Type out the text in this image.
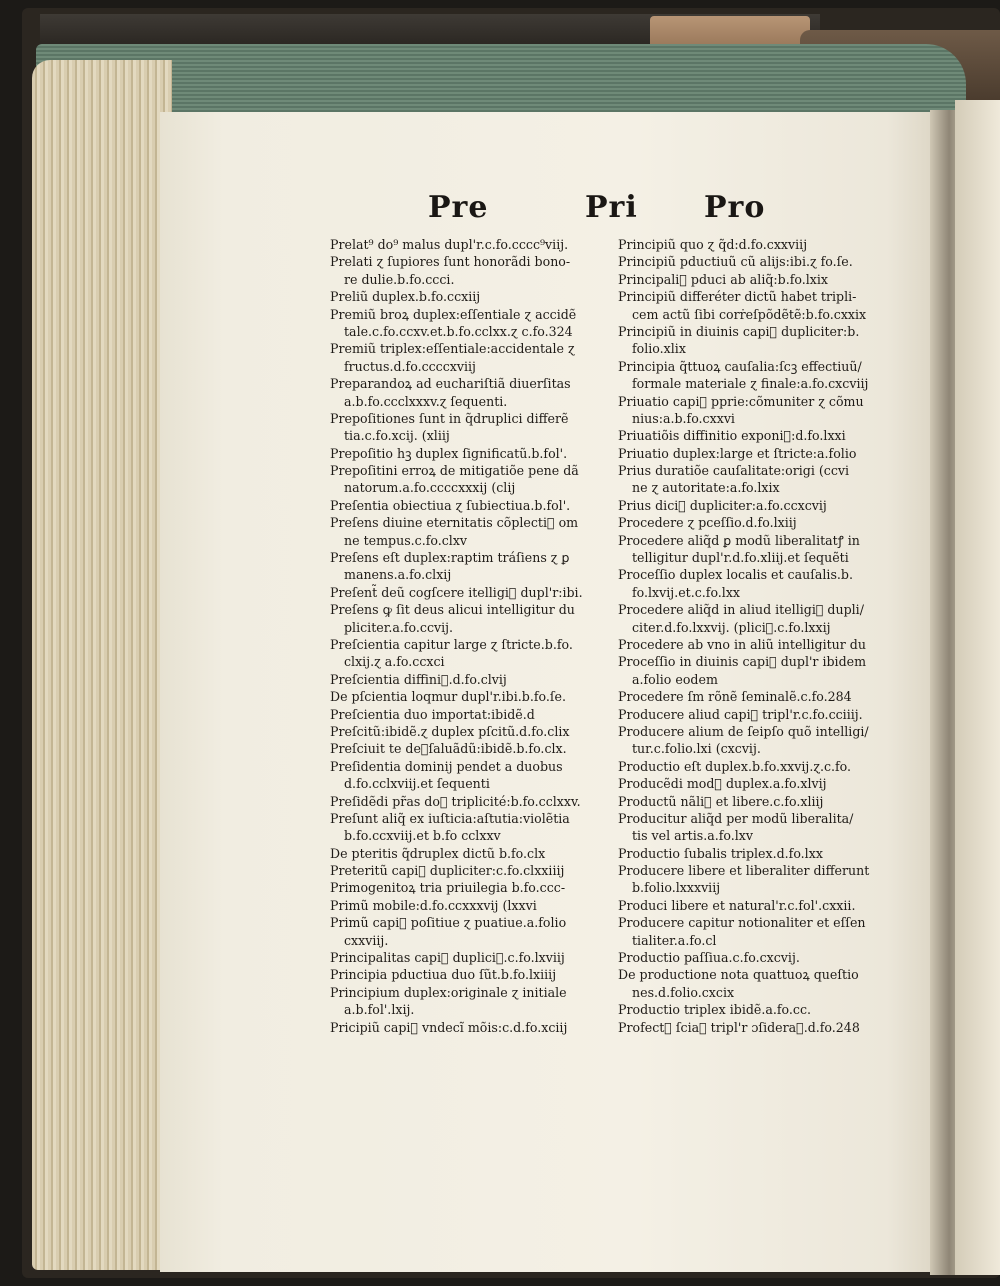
Pre	Pri Pro
Prelat⁹ do⁹ malus dupl'r.c.fo.cccc⁹viij.
Prelati ɀ ſupiores ſunt honorãdi bono-
re dulie.b.fo.ccci.
Preliũ duplex.b.fo.ccxiij
Premiũ broꝝ duplex:eſſentiale ɀ accidẽ
tale.c.fo.ccxv.et.b.fo.cclxx.ɀ c.fo.324
Premiũ triplex:eſſentiale:accidentale ɀ
fructus.d.fo.ccccxviij
Preparandoꝝ ad euchariſtiã diuerſitas
a.b.fo.ccclxxxv.ɀ ſequenti.
Prepoſitiones ſunt in q̃druplici differẽ
tia.c.fo.xcij. (xliij
Prepoſitio hꝫ duplex ſignificatũ.b.fol'.
Prepoſitini erroꝝ de mitigatiõe pene dã
natorum.a.fo.ccccxxxij (clij
Preſentia obiectiua ɀ ſubiectiua.b.fol'.
Preſens diuine eternitatis cõplectiᷓ om
ne tempus.c.fo.clxv
Preſens eſt duplex:raptim tráſiens ɀ ꝑ
manens.a.fo.clxij
Preſent̃ deũ cogſcere itelligiᷓ dupl'r:ibi.
Preſens ꝙ ſit deus alicui intelligitur du
pliciter.a.fo.ccvij.
Preſcientia capitur large ɀ ſtricte.b.fo.
clxij.ɀ a.fo.ccxci
Preſcientia diffiniᷓ.d.fo.clvij
De pſcientia loqmur dupl'r.ibi.b.fo.ſe.
Preſcientia duo importat:ibidẽ.d
Preſcitũ:ibidẽ.ɀ duplex pſcitũ.d.fo.clix
Preſciuit te deᷓſaluãdũ:ibidẽ.b.fo.clx.
Preſidentia dominij pendet a duobus
d.fo.cclxviij.et ſequenti
Preſidẽdi pr̃as doᷓ triplicité:b.fo.cclxxv.
Preſunt aliq̃ ex iuſticia:aſtutia:violẽtia
b.fo.ccxviij.et b.fo cclxxv
De pteritis q̃druplex dictũ b.fo.clx
Preteritũ capiᷓ dupliciter:c.fo.clxxiiij
Primogenitoꝝ tria priuilegia b.fo.ccc-
Primũ mobile:d.fo.ccxxxvij (lxxvi
Primũ capiᷓ poſitiue ɀ puatiue.a.folio
cxxviij.
Principalitas capiᷓ dupliciᷓ.c.fo.lxviij
Principia pductiua duo ſũt.b.fo.lxiiij
Principium duplex:originale ɀ initiale
a.b.fol'.lxij.
Pricipiũ capiᷓ vndecĩ mõis:c.d.fo.xciij
Principiũ quo ɀ q̃d:d.fo.cxxviij
Principiũ pductiuũ cũ alijs:ibi.ɀ fo.ſe.
Principaliᷓ pduci ab aliq̃:b.fo.lxix
Principiũ differéter dictũ habet tripli-
cem actũ ſibi corṙeſpõdẽtẽ:b.fo.cxxix
Principiũ in diuinis capiᷓ dupliciter:b.
folio.xlix
Principia q̃ttuoꝝ cauſalia:ſcꝫ effectiuũ/
formale materiale ɀ finale:a.fo.cxcviij
Priuatio capiᷓ pprie:cõmuniter ɀ cõmu
nius:a.b.fo.cxxvi
Priuatiõis diffinitio exponiᷓ:d.fo.lxxi
Priuatio duplex:large et ſtricte:a.folio
Prius duratiõe cauſalitate:origi (ccvi
ne ɀ autoritate:a.fo.lxix
Prius diciᷓ dupliciter:a.fo.ccxcvij
Procedere ɀ pceſſio.d.fo.lxiij
Procedere aliq̃d ꝑ modũ liberalitatꝭ in
telligitur dupl'r.d.fo.xliij.et ſequẽti
Proceſſio duplex localis et cauſalis.b.
fo.lxvij.et.c.fo.lxx
Procedere aliq̃d in aliud itelligiᷓ dupli/
citer.d.fo.lxxvij. (pliciᷓ.c.fo.lxxij
Procedere ab vno in aliũ intelligitur du
Proceſſio in diuinis capiᷓ dupl'r ibidem
a.folio eodem
Procedere ſm rõnẽ ſeminalẽ.c.fo.284
Producere aliud capiᷓ tripl'r.c.fo.cciiij.
Producere alium de ſeipſo quõ intelligi/
tur.c.folio.lxi (cxcvij.
Productio eſt duplex.b.fo.xxvij.ɀ.c.fo.
Producẽdi modᷓ duplex.a.fo.xlvij
Productũ nãliᷓ et libere.c.fo.xliij
Producitur aliq̃d per modũ liberalita/
tis vel artis.a.fo.lxv
Productio ſubalis triplex.d.fo.lxx
Producere libere et liberaliter differunt
b.folio.lxxxviij
Produci libere et natural'r.c.fol'.cxxii.
Producere capitur notionaliter et eſſen
tialiter.a.fo.cl
Productio paſſiua.c.fo.cxcvij.
De productione nota quattuoꝝ queſtio
nes.d.folio.cxcix
Productio triplex ibidẽ.a.fo.cc.
Profectᷓ ſciaꝝ tripl'r ɔſideraᷓ.d.fo.248
